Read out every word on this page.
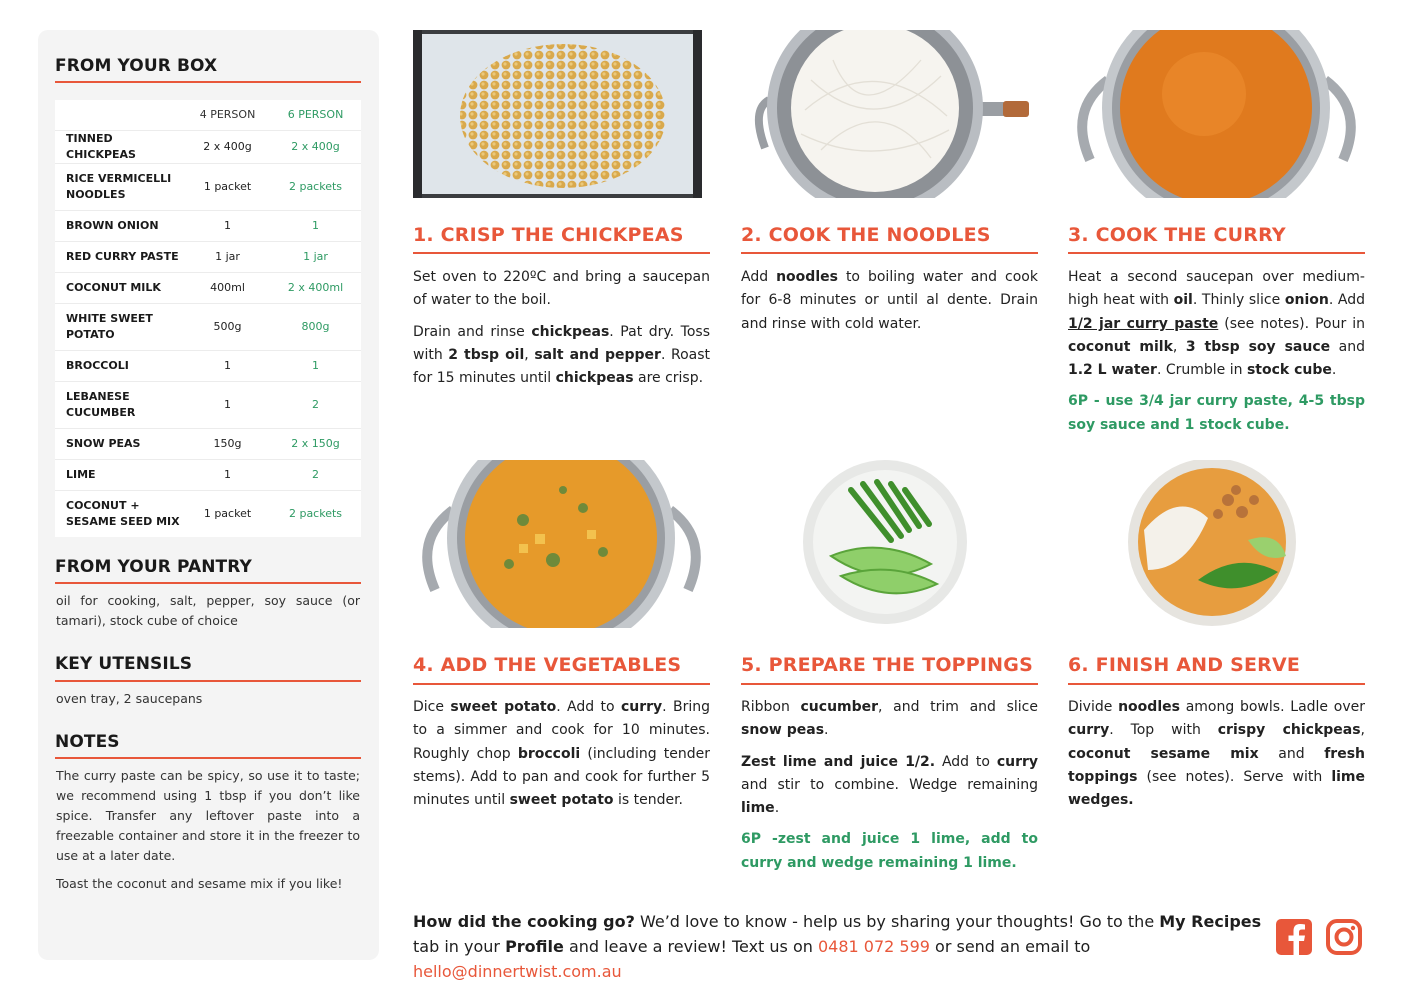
FROM YOUR BOX
	4 PERSON	6 PERSON
TINNED CHICKPEAS	2 x 400g	2 x 400g
RICE VERMICELLI NOODLES	1 packet	2 packets
BROWN ONION	1	1
RED CURRY PASTE	1 jar	1 jar
COCONUT MILK	400ml	2 x 400ml
WHITE SWEET POTATO	500g	800g
BROCCOLI	1	1
LEBANESE CUCUMBER	1	2
SNOW PEAS	150g	2 x 150g
LIME	1	2
COCONUT + SESAME SEED MIX	1 packet	2 packets
FROM YOUR PANTRY
oil for cooking, salt, pepper, soy sauce (or tamari), stock cube of choice
KEY UTENSILS
oven tray, 2 saucepans
NOTES
The curry paste can be spicy, so use it to taste; we recommend using 1 tbsp if you don’t like spice. Transfer any leftover paste into a freezable container and store it in the freezer to use at a later date.
Toast the coconut and sesame mix if you like!
1. CRISP THE CHICKPEAS

Set oven to 220ºC and bring a saucepan of water to the boil.

Drain and rinse chickpeas. Pat dry. Toss with 2 tbsp oil, salt and pepper. Roast for 15 minutes until chickpeas are crisp.

2. COOK THE NOODLES

Add noodles to boiling water and cook for 6-8 minutes or until al dente. Drain and rinse with cold water.

3. COOK THE CURRY

Heat a second saucepan over medium-high heat with oil. Thinly slice onion. Add 1/2 jar curry paste (see notes). Pour in coconut milk, 3 tbsp soy sauce and 1.2 L water. Crumble in stock cube.

6P - use 3/4 jar curry paste, 4-5 tbsp soy sauce and 1 stock cube.

4. ADD THE VEGETABLES

Dice sweet potato. Add to curry. Bring to a simmer and cook for 10 minutes. Roughly chop broccoli (including tender stems). Add to pan and cook for further 5 minutes until sweet potato is tender.

5. PREPARE THE TOPPINGS

Ribbon cucumber, and trim and slice snow peas.

Zest lime and juice 1/2. Add to curry and stir to combine. Wedge remaining lime.

6P -zest and juice 1 lime, add to curry and wedge remaining 1 lime.

6. FINISH AND SERVE

Divide noodles among bowls. Ladle over curry. Top with crispy chickpeas, coconut sesame mix and fresh toppings (see notes). Serve with lime wedges.

How did the cooking go? We’d love to know - help us by sharing your thoughts! Go to the My Recipes tab in your Profile and leave a review! Text us on 0481 072 599 or send an email to hello@dinnertwist.com.au
